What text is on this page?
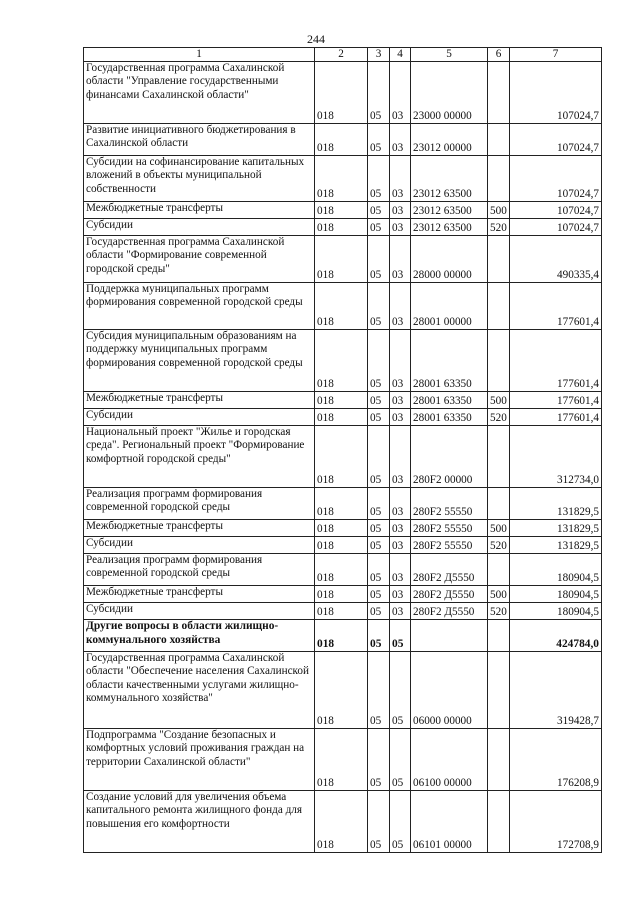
244
1	2	3	4	5	6	7
Государственная программа Сахалинской области "Управление государственными финансами Сахалинской области"	018	05	03	23000 00000		107024,7
Развитие инициативного бюджетирования в Сахалинской области	018	05	03	23012 00000		107024,7
Субсидии на софинансирование капитальных вложений в объекты муниципальной собственности	018	05	03	23012 63500		107024,7
Межбюджетные трансферты	018	05	03	23012 63500	500	107024,7
Субсидии	018	05	03	23012 63500	520	107024,7
Государственная программа Сахалинской области "Формирование современной городской среды"	018	05	03	28000 00000		490335,4
Поддержка муниципальных программ формирования современной городской среды	018	05	03	28001 00000		177601,4
Субсидия муниципальным образованиям на поддержку муниципальных программ формирования современной городской среды	018	05	03	28001 63350		177601,4
Межбюджетные трансферты	018	05	03	28001 63350	500	177601,4
Субсидии	018	05	03	28001 63350	520	177601,4
Национальный проект "Жилье и городская среда". Региональный проект "Формирование комфортной городской среды"	018	05	03	280F2 00000		312734,0
Реализация программ формирования современной городской среды	018	05	03	280F2 55550		131829,5
Межбюджетные трансферты	018	05	03	280F2 55550	500	131829,5
Субсидии	018	05	03	280F2 55550	520	131829,5
Реализация программ формирования современной городской среды	018	05	03	280F2 Д5550		180904,5
Межбюджетные трансферты	018	05	03	280F2 Д5550	500	180904,5
Субсидии	018	05	03	280F2 Д5550	520	180904,5
Другие вопросы в области жилищно-коммунального хозяйства	018	05	05			424784,0
Государственная программа Сахалинской области "Обеспечение населения Сахалинской области качественными услугами жилищно-коммунального хозяйства"	018	05	05	06000 00000		319428,7
Подпрограмма "Создание безопасных и комфортных условий проживания граждан на территории Сахалинской области"	018	05	05	06100 00000		176208,9
Создание условий для увеличения объема капитального ремонта жилищного фонда для повышения его комфортности	018	05	05	06101 00000		172708,9
